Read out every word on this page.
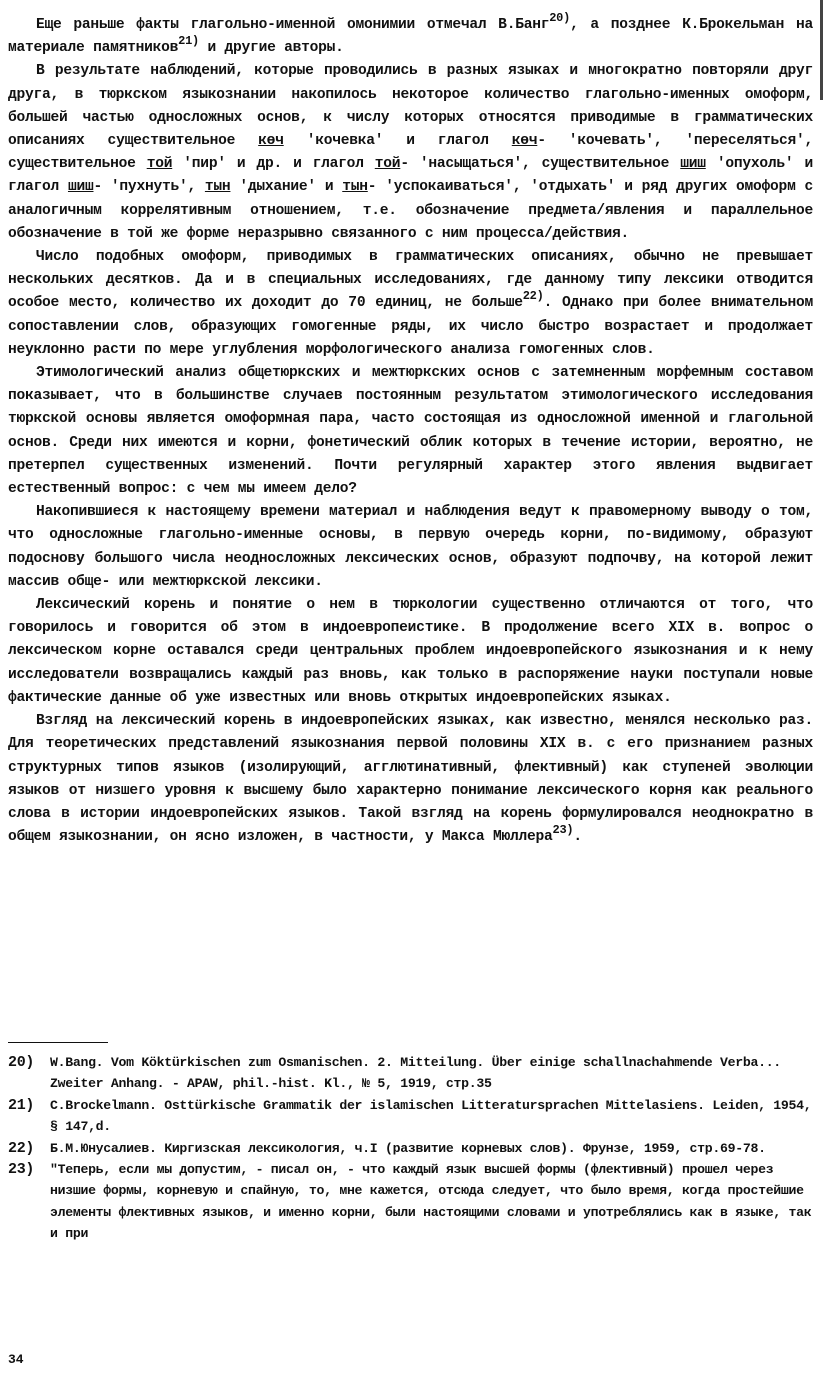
Еще раньше факты глагольно-именной омонимии отмечал В.Банг$^{20)}$, а позднее К.Брокельман на материале памятников$^{21)}$ и другие авторы.

В результате наблюдений, которые проводились в разных языках и многократно повторяли друг друга, в тюркском языкознании накопилось некоторое количество глагольно-именных омоформ, большей частью односложных основ, к числу которых относятся приводимые в грамматических описаниях существительное көч 'кочевка' и глагол көч- 'кочевать', 'переселяться', существительное той 'пир' и др. и глагол той- 'насыщаться', существительное шиш 'опухоль' и глагол шиш- 'пухнуть', тын 'дыхание' и тын- 'успокаиваться', 'отдыхать' и ряд других омоформ с аналогичным коррелятивным отношением, т.е. обозначение предмета/явления и параллельное обозначение в той же форме неразрывно связанного с ним процесса/действия.

Число подобных омоформ, приводимых в грамматических описаниях, обычно не превышает нескольких десятков. Да и в специальных исследованиях, где данному типу лексики отводится особое место, количество их доходит до 70 единиц, не больше$^{22)}$. Однако при более внимательном сопоставлении слов, образующих гомогенные ряды, их число быстро возрастает и продолжает неуклонно расти по мере углубления морфологического анализа гомогенных слов.

Этимологический анализ общетюркских и межтюркских основ с затемненным морфемным составом показывает, что в большинстве случаев постоянным результатом этимологического исследования тюркской основы является омоформная пара, часто состоящая из односложной именной и глагольной основ. Среди них имеются и корни, фонетический облик которых в течение истории, вероятно, не претерпел существенных изменений. Почти регулярный характер этого явления выдвигает естественный вопрос: с чем мы имеем дело?

Накопившиеся к настоящему времени материал и наблюдения ведут к правомерному выводу о том, что односложные глагольно-именные основы, в первую очередь корни, по-видимому, образуют подоснову большого числа неодносложных лексических основ, образуют подпочву, на которой лежит массив обще- или межтюркской лексики.

Лексический корень и понятие о нем в тюркологии существенно отличаются от того, что говорилось и говорится об этом в индоевропеистике. В продолжение всего XIX в. вопрос о лексическом корне оставался среди центральных проблем индоевропейского языкознания и к нему исследователи возвращались каждый раз вновь, как только в распоряжение науки поступали новые фактические данные об уже известных или вновь открытых индоевропейских языках.

Взгляд на лексический корень в индоевропейских языках, как известно, менялся несколько раз. Для теоретических представлений языкознания первой половины XIX в. с его признанием разных структурных типов языков (изолирующий, агглютинативный, флективный) как ступеней эволюции языков от низшего уровня к высшему было характерно понимание лексического корня как реального слова в истории индоевропейских языков. Такой взгляд на корень формулировался неоднократно в общем языкознании, он ясно изложен, в частности, у Макса Мюллера$^{23)}$.

20) W.Bang. Vom Köktürkischen zum Osmanischen. 2. Mitteilung. Über einige schallnachahmende Verba... Zweiter Anhang. - APAW, phil.-hist. Kl., № 5, 1919, стр.35
21) C.Brockelmann. Osttürkische Grammatik der islamischen Litteratursprachen Mittelasiens. Leiden, 1954, § 147,d.
22) Б.М.Юнусалиев. Киргизская лексикология, ч.I (развитие корневых слов). Фрунзе, 1959, стр.69-78.
23) "Теперь, если мы допустим, - писал он, - что каждый язык высшей формы (флективный) прошел через низшие формы, корневую и спайную, то, мне кажется, отсюда следует, что было время, когда простейшие элементы флективных языков, и именно корни, были настоящими словами и употреблялись как в языке, так и при
34
